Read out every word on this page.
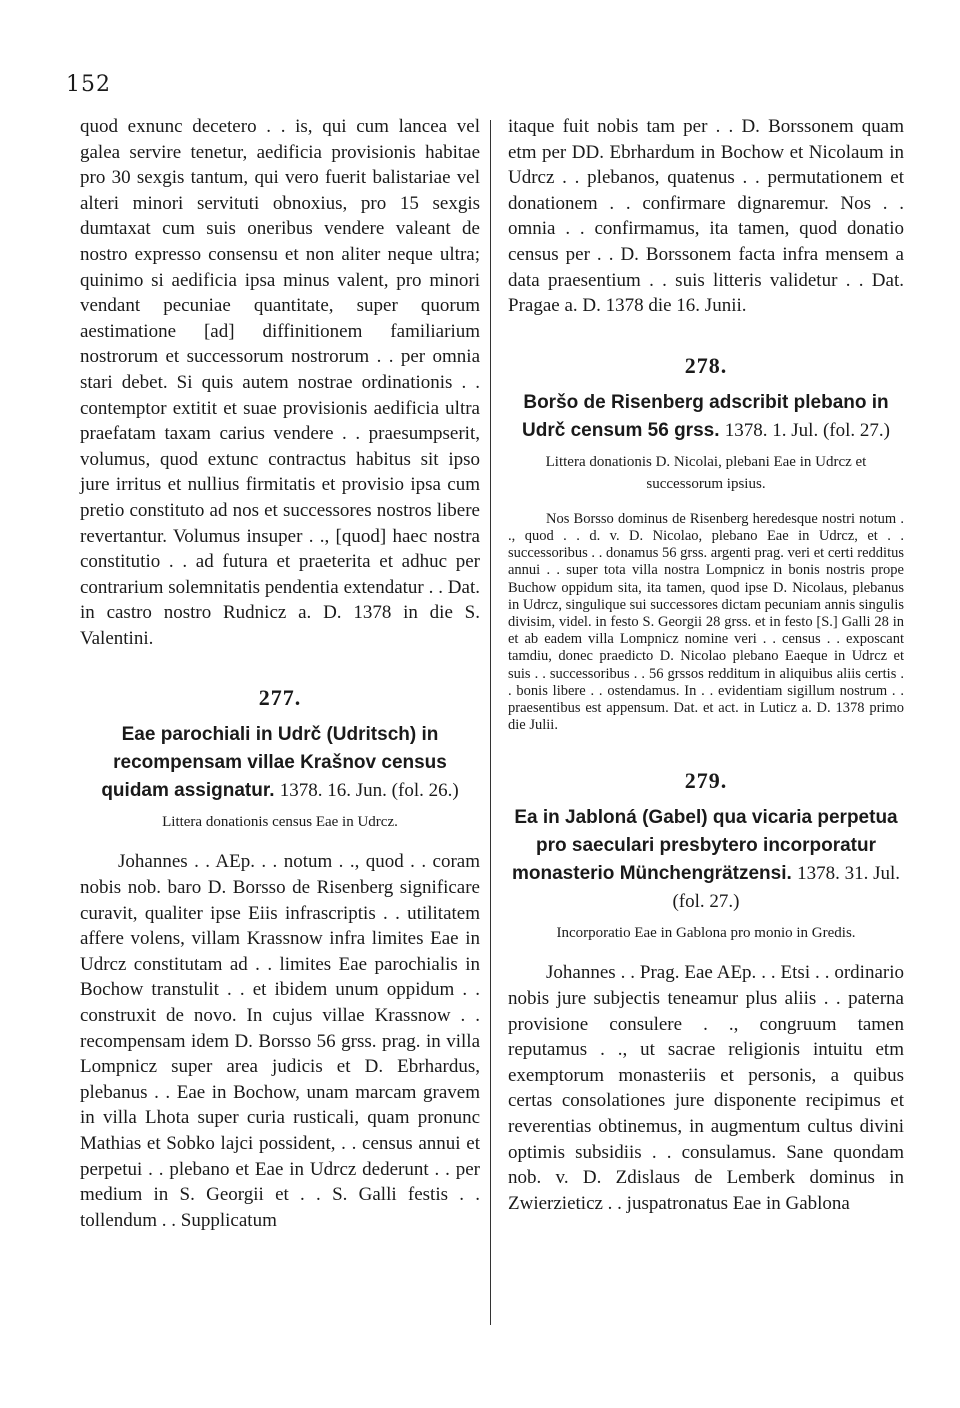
152

quod exnunc decetero . . is, qui cum lancea vel galea servire tenetur, aedificia provisionis habitae pro 30 sexgis tantum, qui vero fuerit balistariae vel alteri minori servituti obnoxius, pro 15 sexgis dumtaxat cum suis oneribus vendere valeant de nostro expresso consensu et non aliter neque ultra; quinimo si aedificia ipsa minus valent, pro minori vendant pecuniae quantitate, super quorum aestimatione [ad] diffinitionem familiarium nostrorum et successorum nostrorum . . per omnia stari debet. Si quis autem nostrae ordinationis . . contemptor extitit et suae provisionis aedificia ultra praefatam taxam carius vendere . . praesumpserit, volumus, quod extunc contractus habitus sit ipso jure irritus et nullius firmitatis et provisio ipsa cum pretio constituto ad nos et successores nostros libere revertantur. Volumus insuper . ., [quod] haec nostra constitutio . . ad futura et praeterita et adhuc per contrarium solemnitatis pendentia extendatur . . Dat. in castro nostro Rudnicz a. D. 1378 in die S. Valentini.

277.

Eae parochiali in Udrč (Udritsch) in recompensam villae Krašnov census quidam assignatur. 1378. 16. Jun. (fol. 26.)

Littera donationis census Eae in Udrcz.

Johannes . . AEp. . . notum . ., quod . . coram nobis nob. baro D. Borsso de Risenberg significare curavit, qualiter ipse Eiis infrascriptis . . utilitatem affere volens, villam Krassnow infra limites Eae in Udrcz constitutam ad . . limites Eae parochialis in Bochow transtulit . . et ibidem unum oppidum . . construxit de novo. In cujus villae Krassnow . . recompensam idem D. Borsso 56 grss. prag. in villa Lompnicz super area judicis et D. Ebrhardus, plebanus . . Eae in Bochow, unam marcam gravem in villa Lhota super curia rusticali, quam pronunc Mathias et Sobko lajci possident, . . census annui et perpetui . . plebano et Eae in Udrcz dederunt . . per medium in S. Georgii et . . S. Galli festis . . tollendum . . Supplicatum

itaque fuit nobis tam per . . D. Borssonem quam etm per DD. Ebrhardum in Bochow et Nicolaum in Udrcz . . plebanos, quatenus . . permutationem et donationem . . confirmare dignaremur. Nos . . omnia . . confirmamus, ita tamen, quod donatio census per . . D. Borssonem facta infra mensem a data praesentium . . suis litteris validetur . . Dat. Pragae a. D. 1378 die 16. Junii.

278.

Boršo de Risenberg adscribit plebano in Udrč censum 56 grss. 1378. 1. Jul. (fol. 27.)

Littera donationis D. Nicolai, plebani Eae in Udrcz et successorum ipsius.

Nos Borsso dominus de Risenberg heredesque nostri notum . ., quod . . d. v. D. Nicolao, plebano Eae in Udrcz, et . . successoribus . . donamus 56 grss. argenti prag. veri et certi redditus annui . . super tota villa nostra Lompnicz in bonis nostris prope Buchow oppidum sita, ita tamen, quod ipse D. Nicolaus, plebanus in Udrcz, singulique sui successores dictam pecuniam annis singulis divisim, videl. in festo S. Georgii 28 grss. et in festo [S.] Galli 28 in et ab eadem villa Lompnicz nomine veri . . census . . exposcant tamdiu, donec praedicto D. Nicolao plebano Eaeque in Udrcz et suis . . successoribus . . 56 grssos redditum in aliquibus aliis certis . . bonis libere . . ostendamus. In . . evidentiam sigillum nostrum . . praesentibus est appensum. Dat. et act. in Luticz a. D. 1378 primo die Julii.

279.

Ea in Jabloná (Gabel) qua vicaria perpetua pro saeculari presbytero incorporatur monasterio Münchengrätzensi. 1378. 31. Jul. (fol. 27.)

Incorporatio Eae in Gablona pro monio in Gredis.

Johannes . . Prag. Eae AEp. . . Etsi . . ordinario nobis jure subjectis teneamur plus aliis . . paterna provisione consulere . ., congruum tamen reputamus . ., ut sacrae religionis intuitu etm exemptorum monasteriis et personis, a quibus certas consolationes jure disponente recipimus et reverentias obtinemus, in augmentum cultus divini optimis subsidiis . . consulamus. Sane quondam nob. v. D. Zdislaus de Lemberk dominus in Zwierzieticz . . juspatronatus Eae in Gablona
